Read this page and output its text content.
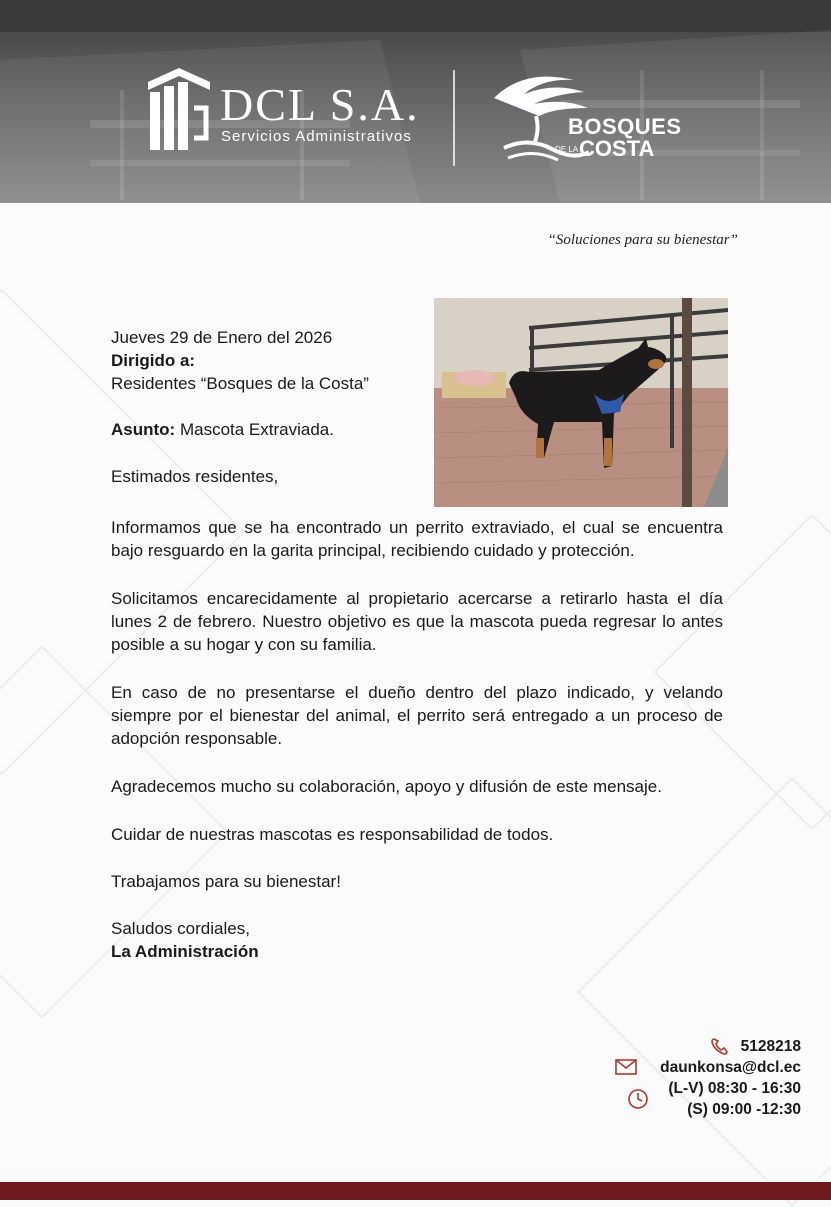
DCL S.A.

Servicios Administrativos	BOSQUES

DE LA COSTA

“Soluciones para su bienestar”

Jueves 29 de Enero del 2026

Dirigido a:

Residentes “Bosques de la Costa”

Asunto: Mascota Extraviada.

Estimados residentes,

Informamos que se ha encontrado un perrito extraviado, el cual se encuentra bajo resguardo en la garita principal, recibiendo cuidado y protección.

Solicitamos encarecidamente al propietario acercarse a retirarlo hasta el día lunes 2 de febrero. Nuestro objetivo es que la mascota pueda regresar lo antes posible a su hogar y con su familia.

En caso de no presentarse el dueño dentro del plazo indicado, y velando siempre por el bienestar del animal, el perrito será entregado a un proceso de adopción responsable.

Agradecemos mucho su colaboración, apoyo y difusión de este mensaje.

Cuidar de nuestras mascotas es responsabilidad de todos.

Trabajamos para su bienestar!

Saludos cordiales,

La Administración

5128218

daunkonsa@dcl.ec

(L-V) 08:30 - 16:30

(S) 09:00 -12:30
